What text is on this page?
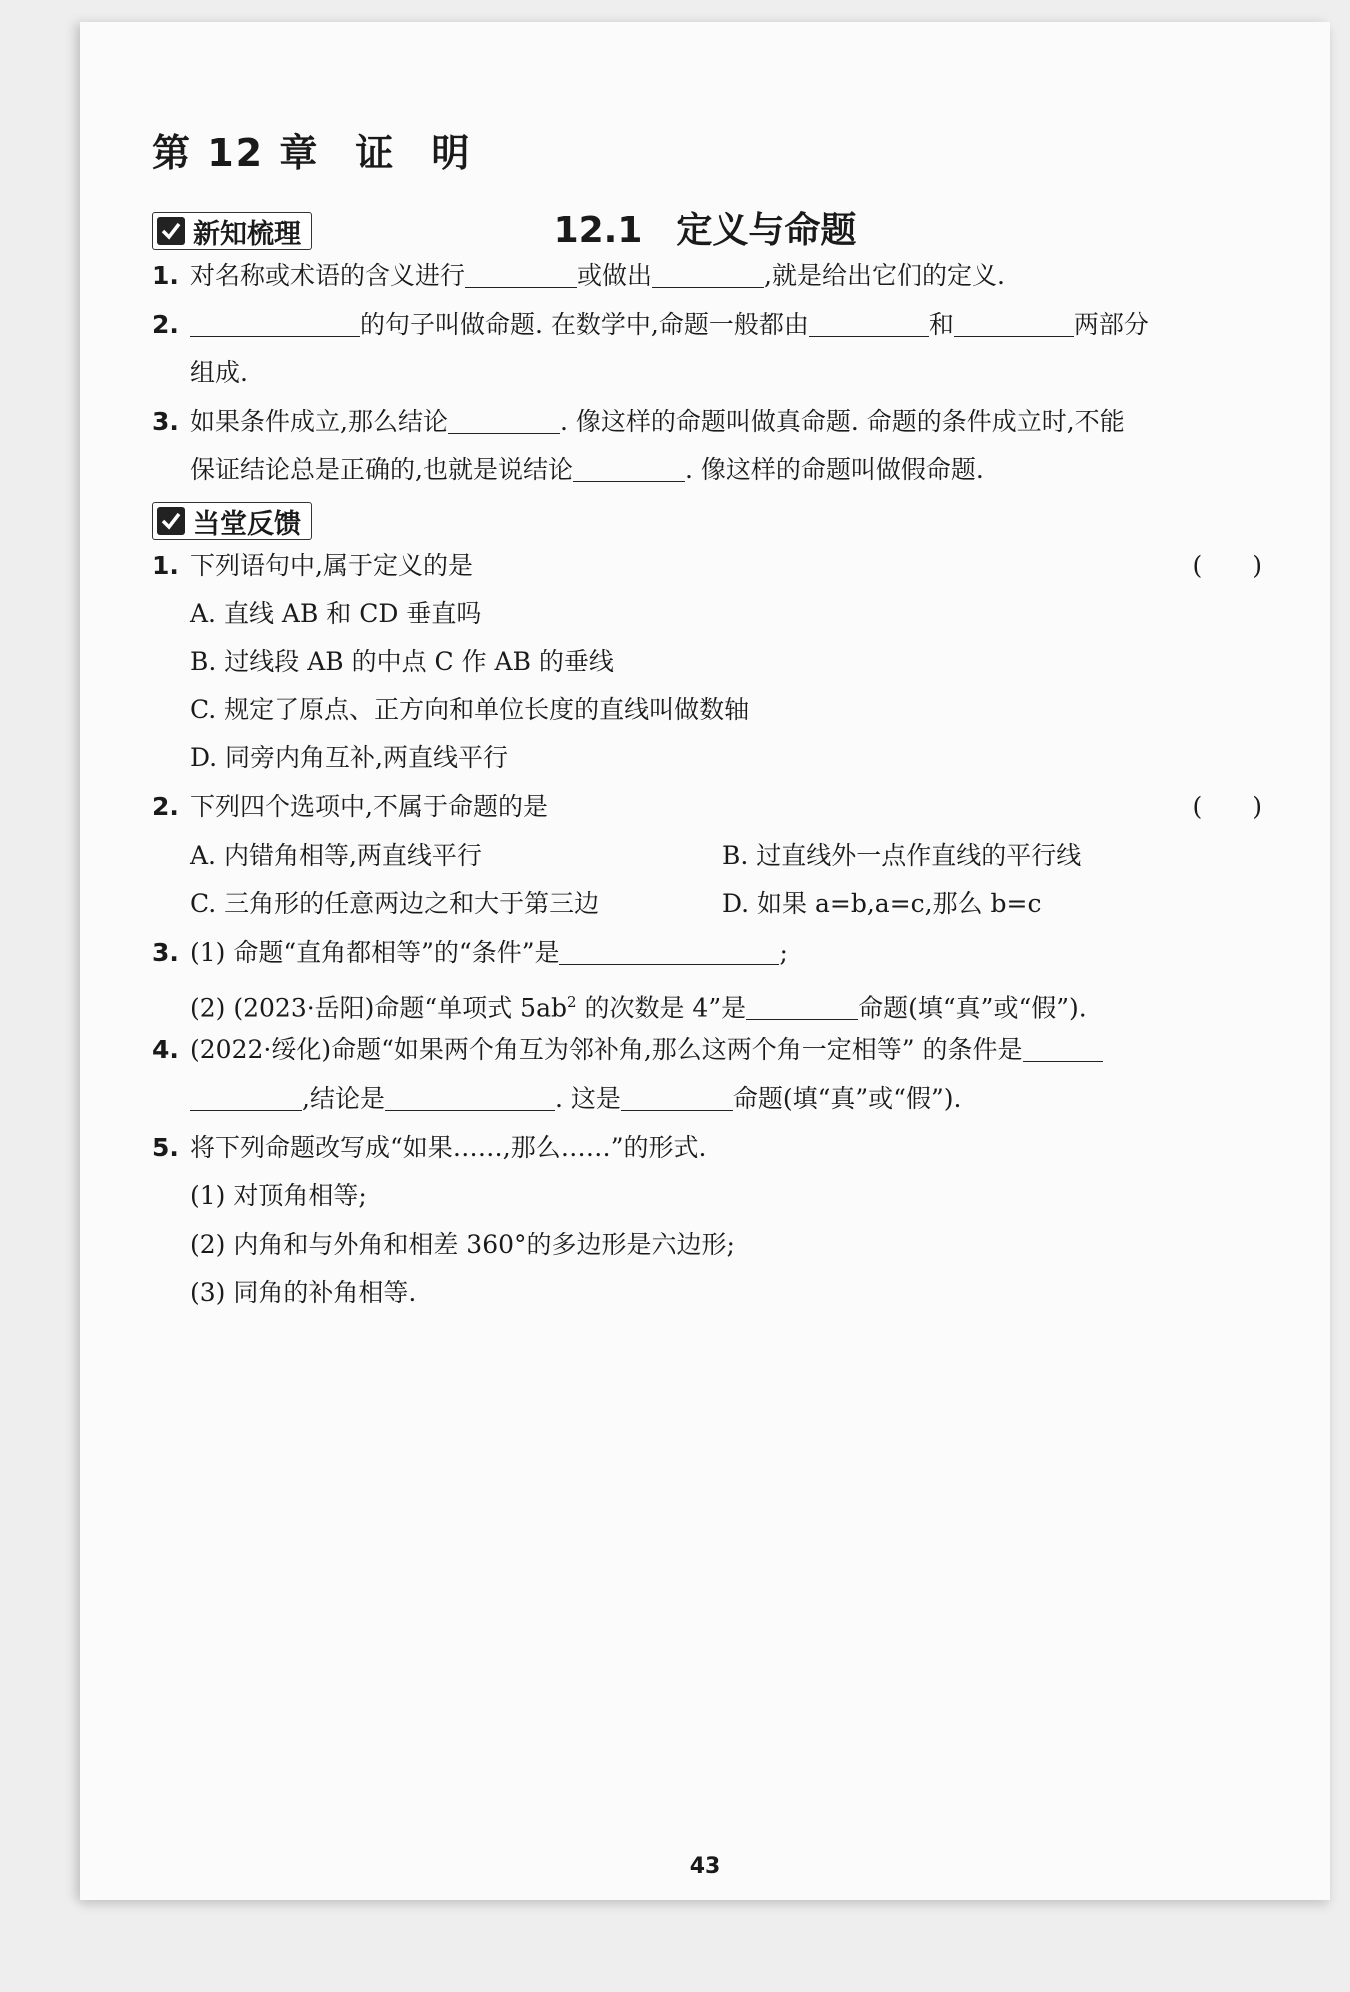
第 12 章 证 明
12.1 定义与命题
新知梳理
1. 对名称或术语的含义进行	或做出	,就是给出它们的定义.
2.	的句子叫做命题. 在数学中,命题一般都由	和	两部分
组成.
3. 如果条件成立,那么结论	. 像这样的命题叫做真命题. 命题的条件成立时,不能
保证结论总是正确的,也就是说结论	. 像这样的命题叫做假命题.
当堂反馈
1. 下列语句中,属于定义的是	(　　)
A. 直线 AB 和 CD 垂直吗
B. 过线段 AB 的中点 C 作 AB 的垂线
C. 规定了原点、正方向和单位长度的直线叫做数轴
D. 同旁内角互补,两直线平行
2. 下列四个选项中,不属于命题的是	(　　)
A. 内错角相等,两直线平行	B. 过直线外一点作直线的平行线
C. 三角形的任意两边之和大于第三边	D. 如果 a=b,a=c,那么 b=c
3. (1) 命题“直角都相等”的“条件”是	;
(2) (2023·岳阳)命题“单项式 $5ab^2$ 的次数是 4”是	命题(填“真”或“假”).
4. (2022·绥化)命题“如果两个角互为邻补角,那么这两个角一定相等” 的条件是
,结论是	. 这是	命题(填“真”或“假”).
5. 将下列命题改写成“如果……,那么……”的形式.
(1) 对顶角相等;
(2) 内角和与外角和相差 360°的多边形是六边形;
(3) 同角的补角相等.
43
